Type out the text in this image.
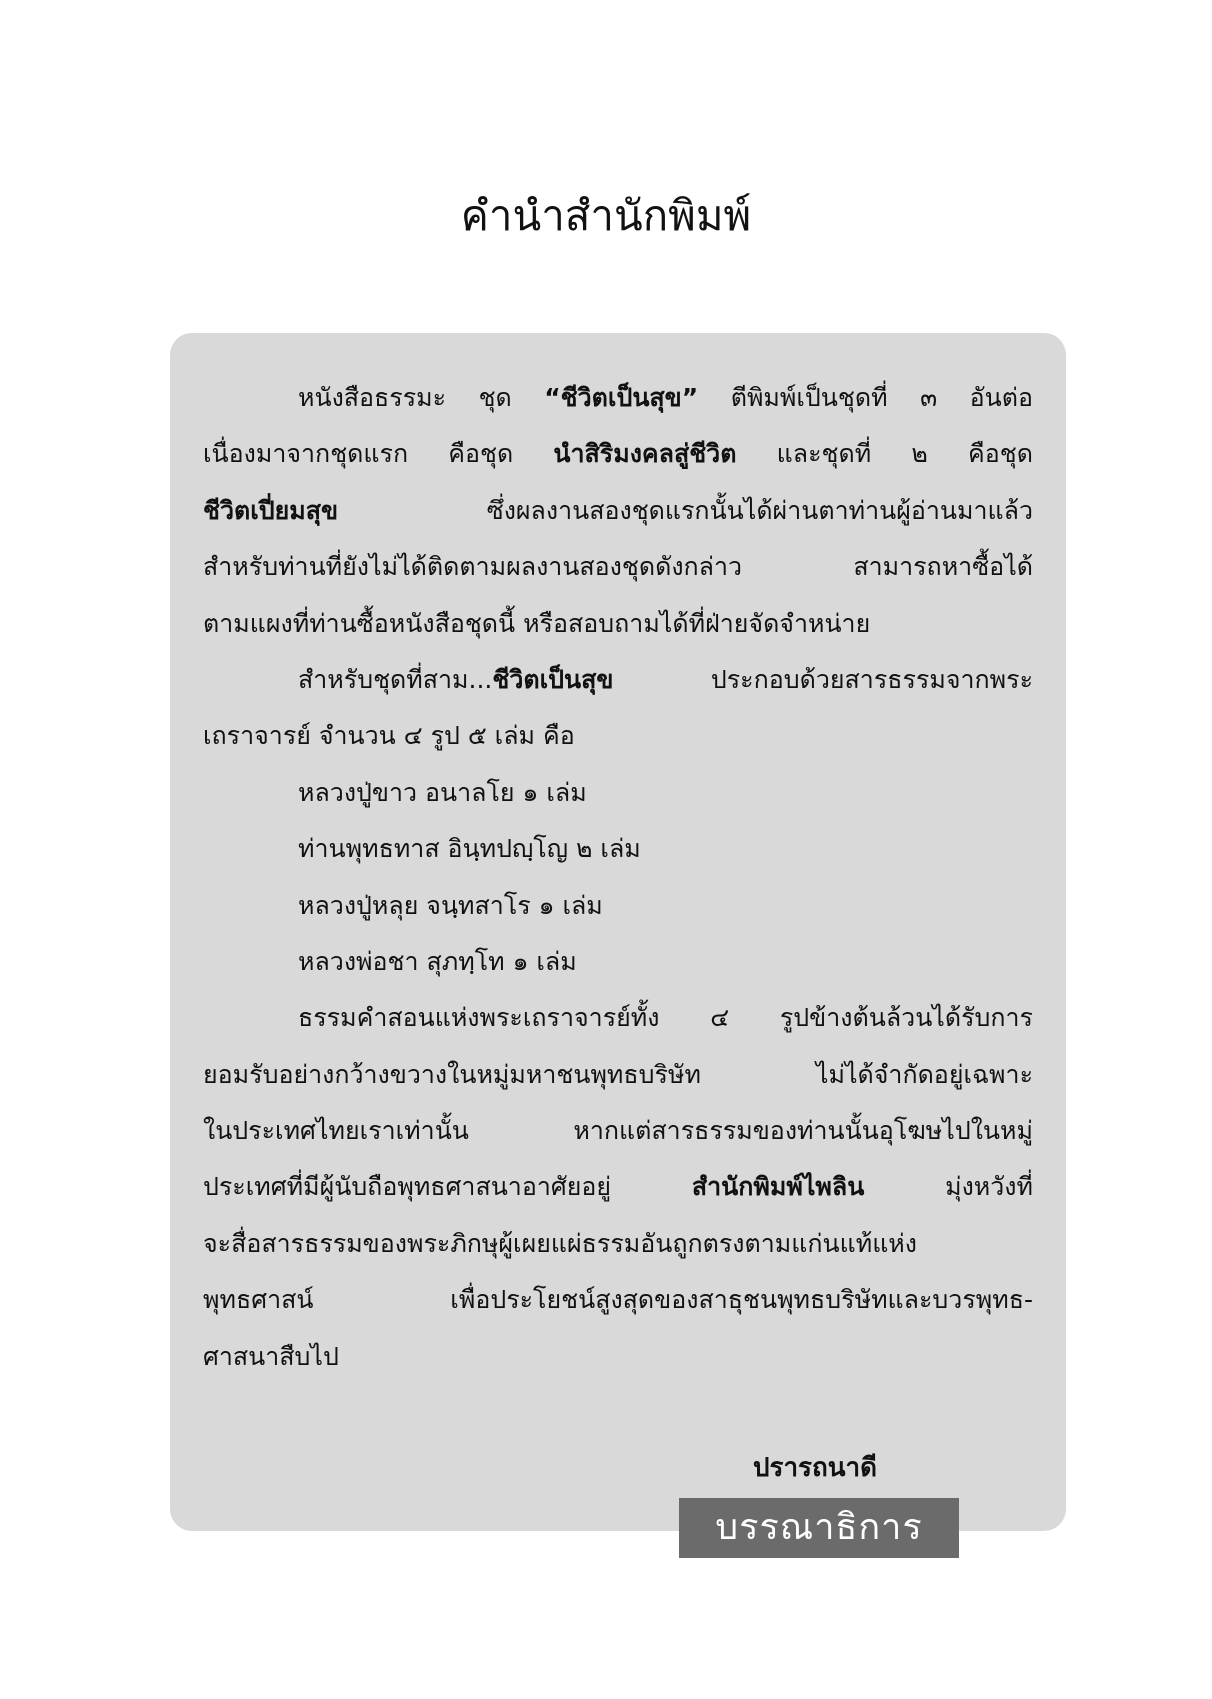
คำนำสำนักพิมพ์
หนังสือธรรมะ ชุด “ชีวิตเป็นสุข” ตีพิมพ์เป็นชุดที่ ๓ อันต่อ
เนื่องมาจากชุดแรก คือชุด นำสิริมงคลสู่ชีวิต และชุดที่ ๒ คือชุด
ชีวิตเปี่ยมสุข	ซึ่งผลงานสองชุดแรกนั้นได้ผ่านตาท่านผู้อ่านมาแล้ว
สำหรับท่านที่ยังไม่ได้ติดตามผลงานสองชุดดังกล่าว	สามารถหาซื้อได้
ตามแผงที่ท่านซื้อหนังสือชุดนี้ หรือสอบถามได้ที่ฝ่ายจัดจำหน่าย
สำหรับชุดที่สาม...ชีวิตเป็นสุข	ประกอบด้วยสารธรรมจากพระ
เถราจารย์ จำนวน ๔ รูป ๕ เล่ม คือ
หลวงปู่ขาว อนาลโย ๑ เล่ม
ท่านพุทธทาส อินฺทปญฺโญ ๒ เล่ม
หลวงปู่หลุย จนฺทสาโร ๑ เล่ม
หลวงพ่อชา สุภทฺโท ๑ เล่ม
ธรรมคำสอนแห่งพระเถราจารย์ทั้ง ๔ รูปข้างต้นล้วนได้รับการ
ยอมรับอย่างกว้างขวางในหมู่มหาชนพุทธบริษัท	ไม่ได้จำกัดอยู่เฉพาะ
ในประเทศไทยเราเท่านั้น	หากแต่สารธรรมของท่านนั้นอุโฆษไปในหมู่
ประเทศที่มีผู้นับถือพุทธศาสนาอาศัยอยู่	สำนักพิมพ์ไพลิน	มุ่งหวังที่
จะสื่อสารธรรมของพระภิกษุผู้เผยแผ่ธรรมอันถูกตรงตามแก่นแท้แห่ง
พุทธศาสน์	เพื่อประโยชน์สูงสุดของสาธุชนพุทธบริษัทและบวรพุทธ-
ศาสนาสืบไป
ปรารถนาดี
บรรณาธิการ
